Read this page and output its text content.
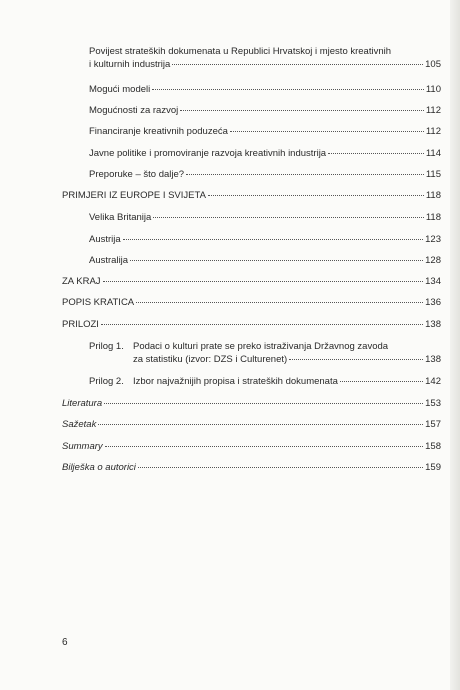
Povijest strateških dokumenata u Republici Hrvatskoj i mjesto kreativnih
i kulturnih industrija	105
Mogući modeli	110
Mogućnosti za razvoj	112
Financiranje kreativnih poduzeća	112
Javne politike i promoviranje razvoja kreativnih industrija	114
Preporuke – što dalje?	115
PRIMJERI IZ EUROPE I SVIJETA	118
Velika Britanija	118
Austrija	123
Australija	128
ZA KRAJ	134
POPIS KRATICA	136
PRILOZI	138
Prilog 1. Podaci o kulturi prate se preko istraživanja Državnog zavoda
za statistiku (izvor: DZS i Culturenet)	138
Prilog 2. Izbor najvažnijih propisa i strateških dokumenata	142
Literatura	153
Sažetak	157
Summary	158
Bilješka o autorici	159
6
